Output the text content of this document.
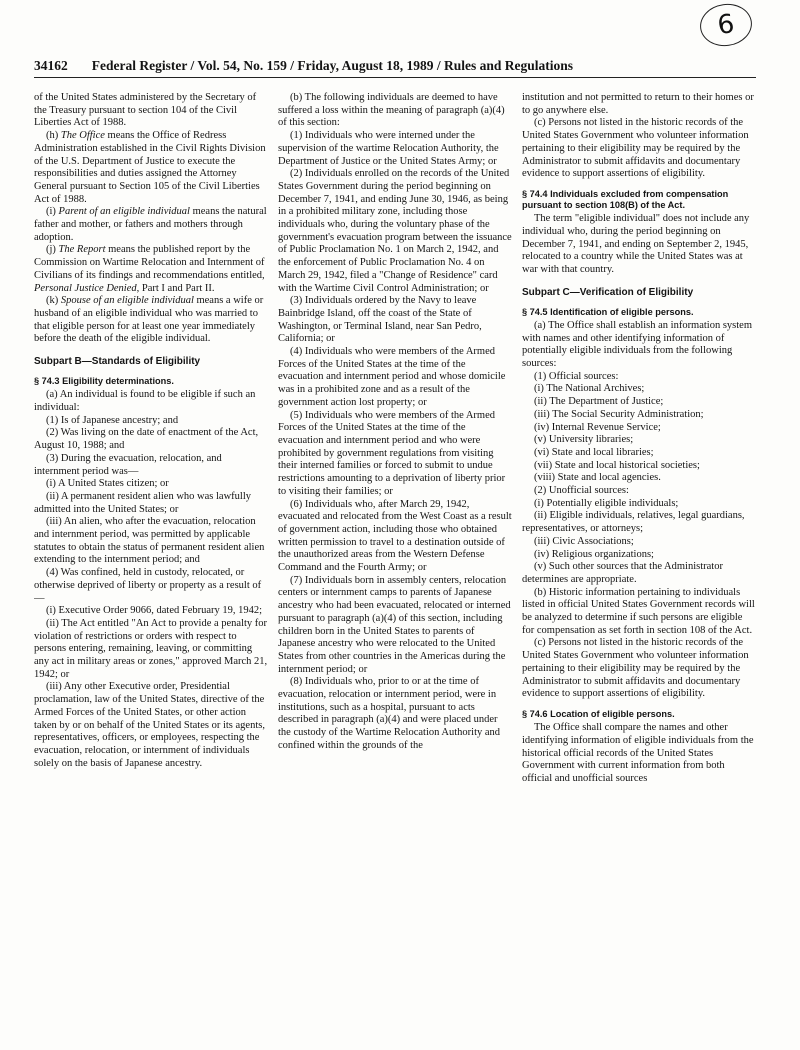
6
34162 Federal Register / Vol. 54, No. 159 / Friday, August 18, 1989 / Rules and Regulations

of the United States administered by the Secretary of the Treasury pursuant to section 104 of the Civil Liberties Act of 1988.

(h) The Office means the Office of Redress Administration established in the Civil Rights Division of the U.S. Department of Justice to execute the responsibilities and duties assigned the Attorney General pursuant to Section 105 of the Civil Liberties Act of 1988.

(i) Parent of an eligible individual means the natural father and mother, or fathers and mothers through adoption.

(j) The Report means the published report by the Commission on Wartime Relocation and Internment of Civilians of its findings and recommendations entitled, Personal Justice Denied, Part I and Part II.

(k) Spouse of an eligible individual means a wife or husband of an eligible individual who was married to that eligible person for at least one year immediately before the death of the eligible individual.

Subpart B—Standards of Eligibility

§ 74.3 Eligibility determinations.

(a) An individual is found to be eligible if such an individual:

(1) Is of Japanese ancestry; and

(2) Was living on the date of enactment of the Act, August 10, 1988; and

(3) During the evacuation, relocation, and internment period was—

(i) A United States citizen; or

(ii) A permanent resident alien who was lawfully admitted into the United States; or

(iii) An alien, who after the evacuation, relocation and internment period, was permitted by applicable statutes to obtain the status of permanent resident alien extending to the internment period; and

(4) Was confined, held in custody, relocated, or otherwise deprived of liberty or property as a result of—

(i) Executive Order 9066, dated February 19, 1942;

(ii) The Act entitled "An Act to provide a penalty for violation of restrictions or orders with respect to persons entering, remaining, leaving, or committing any act in military areas or zones," approved March 21, 1942; or

(iii) Any other Executive order, Presidential proclamation, law of the United States, directive of the Armed Forces of the United States, or other action taken by or on behalf of the United States or its agents, representatives, officers, or employees, respecting the evacuation, relocation, or internment of individuals solely on the basis of Japanese ancestry.

(b) The following individuals are deemed to have suffered a loss within the meaning of paragraph (a)(4) of this section:

(1) Individuals who were interned under the supervision of the wartime Relocation Authority, the Department of Justice or the United States Army; or

(2) Individuals enrolled on the records of the United States Government during the period beginning on December 7, 1941, and ending June 30, 1946, as being in a prohibited military zone, including those individuals who, during the voluntary phase of the government's evacuation program between the issuance of Public Proclamation No. 1 on March 2, 1942, and the enforcement of Public Proclamation No. 4 on March 29, 1942, filed a "Change of Residence" card with the Wartime Civil Control Administration; or

(3) Individuals ordered by the Navy to leave Bainbridge Island, off the coast of the State of Washington, or Terminal Island, near San Pedro, California; or

(4) Individuals who were members of the Armed Forces of the United States at the time of the evacuation and internment period and whose domicile was in a prohibited zone and as a result of the government action lost property; or

(5) Individuals who were members of the Armed Forces of the United States at the time of the evacuation and internment period and who were prohibited by government regulations from visiting their interned families or forced to submit to undue restrictions amounting to a deprivation of liberty prior to visiting their families; or

(6) Individuals who, after March 29, 1942, evacuated and relocated from the West Coast as a result of government action, including those who obtained written permission to travel to a destination outside of the unauthorized areas from the Western Defense Command and the Fourth Army; or

(7) Individuals born in assembly centers, relocation centers or internment camps to parents of Japanese ancestry who had been evacuated, relocated or interned pursuant to paragraph (a)(4) of this section, including children born in the United States to parents of Japanese ancestry who were relocated to the United States from other countries in the Americas during the internment period; or

(8) Individuals who, prior to or at the time of evacuation, relocation or internment period, were in institutions, such as a hospital, pursuant to acts described in paragraph (a)(4) and were placed under the custody of the Wartime Relocation Authority and confined within the grounds of the

institution and not permitted to return to their homes or to go anywhere else.

(c) Persons not listed in the historic records of the United States Government who volunteer information pertaining to their eligibility may be required by the Administrator to submit affidavits and documentary evidence to support assertions of eligibility.

§ 74.4 Individuals excluded from compensation pursuant to section 108(B) of the Act.

The term "eligible individual" does not include any individual who, during the period beginning on December 7, 1941, and ending on September 2, 1945, relocated to a country while the United States was at war with that country.

Subpart C—Verification of Eligibility

§ 74.5 Identification of eligible persons.

(a) The Office shall establish an information system with names and other identifying information of potentially eligible individuals from the following sources:

(1) Official sources:

(i) The National Archives;

(ii) The Department of Justice;

(iii) The Social Security Administration;

(iv) Internal Revenue Service;

(v) University libraries;

(vi) State and local libraries;

(vii) State and local historical societies;

(viii) State and local agencies.

(2) Unofficial sources:

(i) Potentially eligible individuals;

(ii) Eligible individuals, relatives, legal guardians, representatives, or attorneys;

(iii) Civic Associations;

(iv) Religious organizations;

(v) Such other sources that the Administrator determines are appropriate.

(b) Historic information pertaining to individuals listed in official United States Government records will be analyzed to determine if such persons are eligible for compensation as set forth in section 108 of the Act.

(c) Persons not listed in the historic records of the United States Government who volunteer information pertaining to their eligibility may be required by the Administrator to submit affidavits and documentary evidence to support assertions of eligibility.

§ 74.6 Location of eligible persons.

The Office shall compare the names and other identifying information of eligible individuals from the historical official records of the United States Government with current information from both official and unofficial sources
